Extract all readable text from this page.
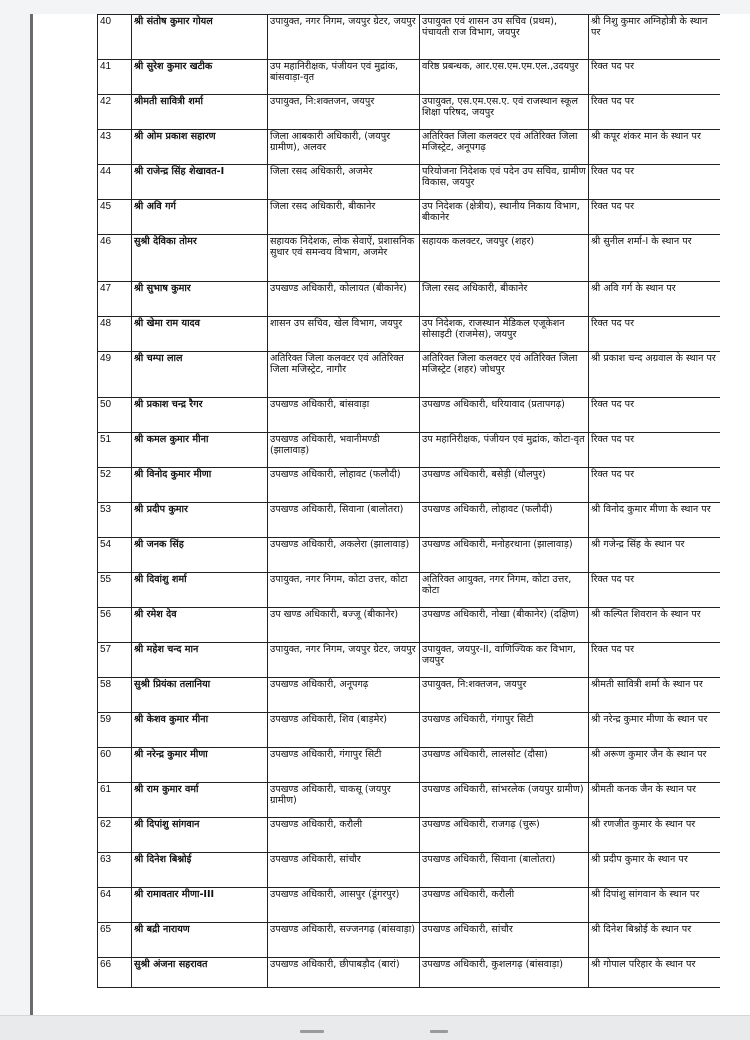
40	श्री संतोष कुमार गोयल	उपायुक्त, नगर निगम, जयपुर ग्रेटर, जयपुर	उपायुक्त एवं शासन उप सचिव (प्रथम), पंचायती राज विभाग, जयपुर	श्री निशु कुमार अग्निहोत्री के स्थान पर
41	श्री सुरेश कुमार खटीक	उप महानिरीक्षक, पंजीयन एवं मुद्रांक, बांसवाड़ा-वृत	वरिष्ठ प्रबन्धक, आर.एस.एम.एम.एल.,उदयपुर	रिक्त पद पर
42	श्रीमती सावित्री शर्मा	उपायुक्त, नि:शक्तजन, जयपुर	उपायुक्त, एस.एम.एस.ए. एवं राजस्थान स्कूल शिक्षा परिषद, जयपुर	रिक्त पद पर
43	श्री ओम प्रकाश सहारण	जिला आबकारी अधिकारी, (जयपुर ग्रामीण), अलवर	अतिरिक्त जिला कलक्टर एवं अतिरिक्त जिला मजिस्ट्रेट, अनूपगढ़	श्री कपूर शंकर मान के स्थान पर
44	श्री राजेन्द्र सिंह शेखावत-I	जिला रसद अधिकारी, अजमेर	परियोजना निदेशक एवं पदेन उप सचिव, ग्रामीण विकास, जयपुर	रिक्त पद पर
45	श्री अवि गर्ग	जिला रसद अधिकारी, बीकानेर	उप निदेशक (क्षेत्रीय), स्थानीय निकाय विभाग, बीकानेर	रिक्त पद पर
46	सुश्री देविका तोमर	सहायक निदेशक, लोक सेवाऐं, प्रशासनिक सुधार एवं समन्वय विभाग, अजमेर	सहायक कलक्टर, जयपुर (शहर)	श्री सुनील शर्मा-I के स्थान पर
47	श्री सुभाष कुमार	उपखण्ड अधिकारी, कोलायत (बीकानेर)	जिला रसद अधिकारी, बीकानेर	श्री अवि गर्ग के स्थान पर
48	श्री खेमा राम यादव	शासन उप सचिव, खेल विभाग, जयपुर	उप निदेशक, राजस्थान मेडिकल एजूकेशन सोसाइटी (राजमेस), जयपुर	रिक्त पद पर
49	श्री चम्पा लाल	अतिरिक्त जिला कलक्टर एवं अतिरिक्त जिला मजिस्ट्रेट, नागौर	अतिरिक्त जिला कलक्टर एवं अतिरिक्त जिला मजिस्ट्रेट (शहर) जोधपुर	श्री प्रकाश चन्द अग्रवाल के स्थान पर
50	श्री प्रकाश चन्द्र रैगर	उपखण्ड अधिकारी, बांसवाड़ा	उपखण्ड अधिकारी, धरियावाद (प्रतापगढ़)	रिक्त पद पर
51	श्री कमल कुमार मीना	उपखण्ड अधिकारी, भवानीमण्डी (झालावाड़)	उप महानिरीक्षक, पंजीयन एवं मुद्रांक, कोटा-वृत	रिक्त पद पर
52	श्री विनोद कुमार मीणा	उपखण्ड अधिकारी, लोहावट (फलौदी)	उपखण्ड अधिकारी, बसेड़ी (धौलपुर)	रिक्त पद पर
53	श्री प्रदीप कुमार	उपखण्ड अधिकारी, सिवाना (बालोतरा)	उपखण्ड अधिकारी, लोहावट (फलौदी)	श्री विनोद कुमार मीणा के स्थान पर
54	श्री जनक सिंह	उपखण्ड अधिकारी, अकलेरा (झालावाड़)	उपखण्ड अधिकारी, मनोहरथाना (झालावाड़)	श्री गजेन्द्र सिंह के स्थान पर
55	श्री दिवांशु शर्मा	उपायुक्त, नगर निगम, कोटा उत्तर, कोटा	अतिरिक्त आयुक्त, नगर निगम, कोटा उत्तर, कोटा	रिक्त पद पर
56	श्री रमेश देव	उप खण्ड अधिकारी, बज्जू (बीकानेर)	उपखण्ड अधिकारी, नोखा (बीकानेर) (दक्षिण)	श्री कल्पित शिवरान के स्थान पर
57	श्री महेश चन्द मान	उपायुक्त, नगर निगम, जयपुर ग्रेटर, जयपुर	उपायुक्त, जयपुर-II, वाणिज्यिक कर विभाग, जयपुर	रिक्त पद पर
58	सुश्री प्रियंका तलानिया	उपखण्ड अधिकारी, अनूपगढ़	उपायुक्त, नि:शक्तजन, जयपुर	श्रीमती सावित्री शर्मा के स्थान पर
59	श्री केशव कुमार मीना	उपखण्ड अधिकारी, शिव (बाड़मेर)	उपखण्ड अधिकारी, गंगापुर सिटी	श्री नरेन्द्र कुमार मीणा के स्थान पर
60	श्री नरेन्द्र कुमार मीणा	उपखण्ड अधिकारी, गंगापुर सिटी	उपखण्ड अधिकारी, लालसोट (दौसा)	श्री अरूण कुमार जैन के स्थान पर
61	श्री राम कुमार वर्मा	उपखण्ड अधिकारी, चाकसू (जयपुर ग्रामीण)	उपखण्ड अधिकारी, सांभरलेक (जयपुर ग्रामीण)	श्रीमती कनक जैन के स्थान पर
62	श्री दिपांशु सांगवान	उपखण्ड अधिकारी, करौली	उपखण्ड अधिकारी, राजगढ़ (चुरू)	श्री रणजीत कुमार के स्थान पर
63	श्री दिनेश बिश्नोई	उपखण्ड अधिकारी, सांचौर	उपखण्ड अधिकारी, सिवाना (बालोतरा)	श्री प्रदीप कुमार के स्थान पर
64	श्री रामावतार मीणा-III	उपखण्ड अधिकारी, आसपुर (डूंगरपुर)	उपखण्ड अधिकारी, करौली	श्री दिपांशु सांगवान के स्थान पर
65	श्री बद्री नारायण	उपखण्ड अधिकारी, सज्जनगढ़ (बांसवाड़ा)	उपखण्ड अधिकारी, सांचौर	श्री दिनेश बिश्नोई के स्थान पर
66	सुश्री अंजना सहरावत	उपखण्ड अधिकारी, छीपाबड़ौद (बारां)	उपखण्ड अधिकारी, कुशलगढ़ (बांसवाड़ा)	श्री गोपाल परिहार के स्थान पर
